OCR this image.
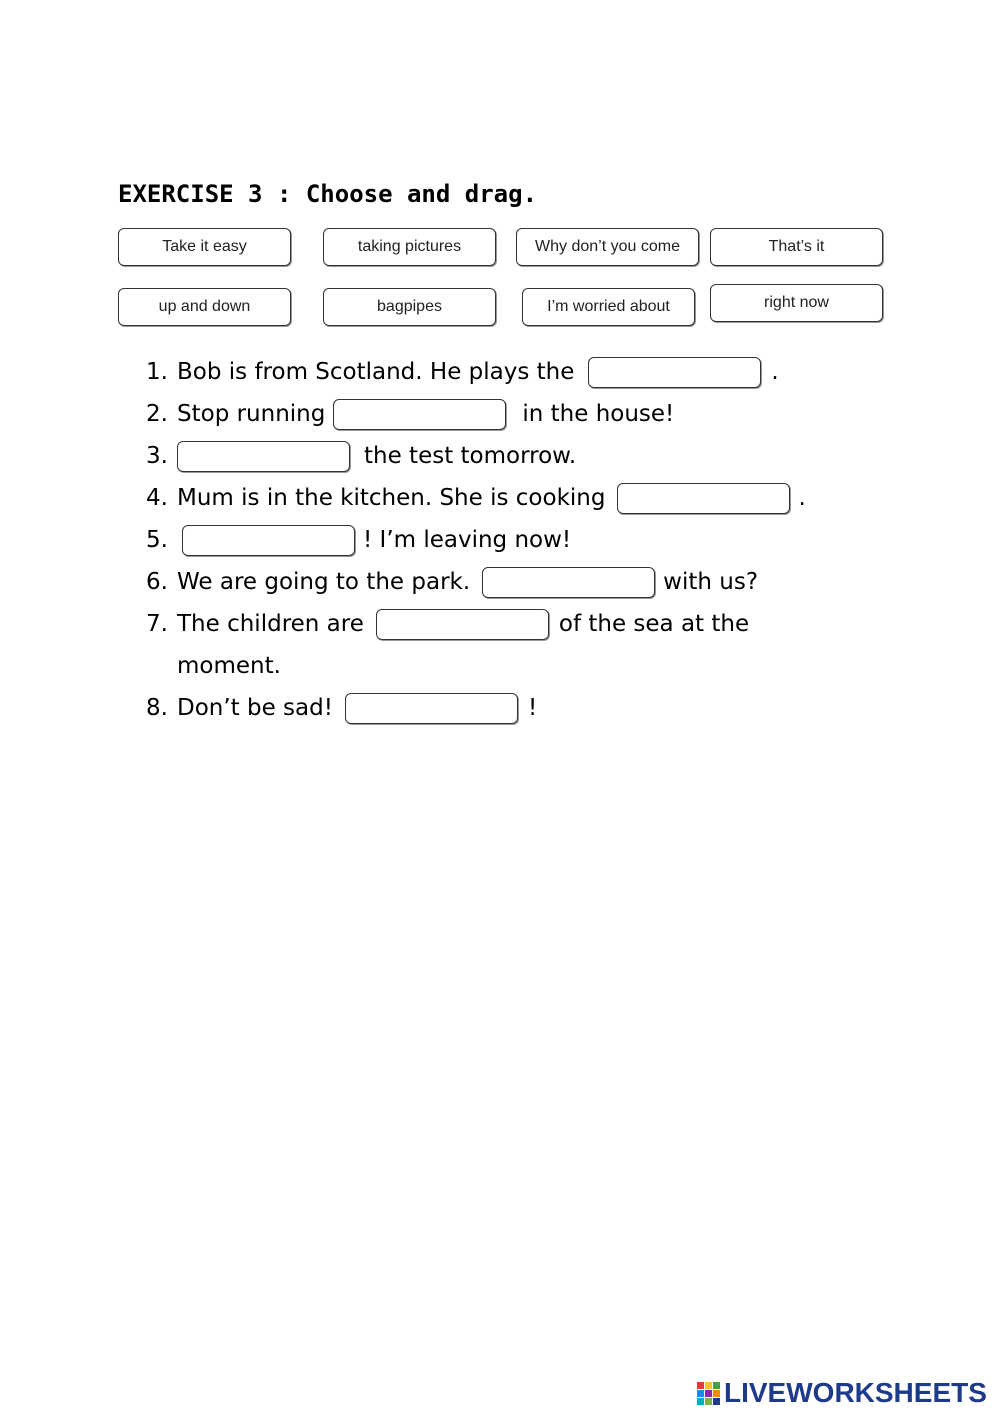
EXERCISE 3 : Choose and drag.
Take it easy	taking pictures	Why don’t you come	That’s it
up and down	bagpipes	I’m worried about	right now
1. Bob is from Scotland. He plays the	.
2. Stop running	in the house!
3.	the test tomorrow.
4. Mum is in the kitchen. She is cooking	.
5.	! I’m leaving now!
6. We are going to the park.	with us?
7. The children are	of the sea at the
moment.
8. Don’t be sad!	!
LIVEWORKSHEETS
